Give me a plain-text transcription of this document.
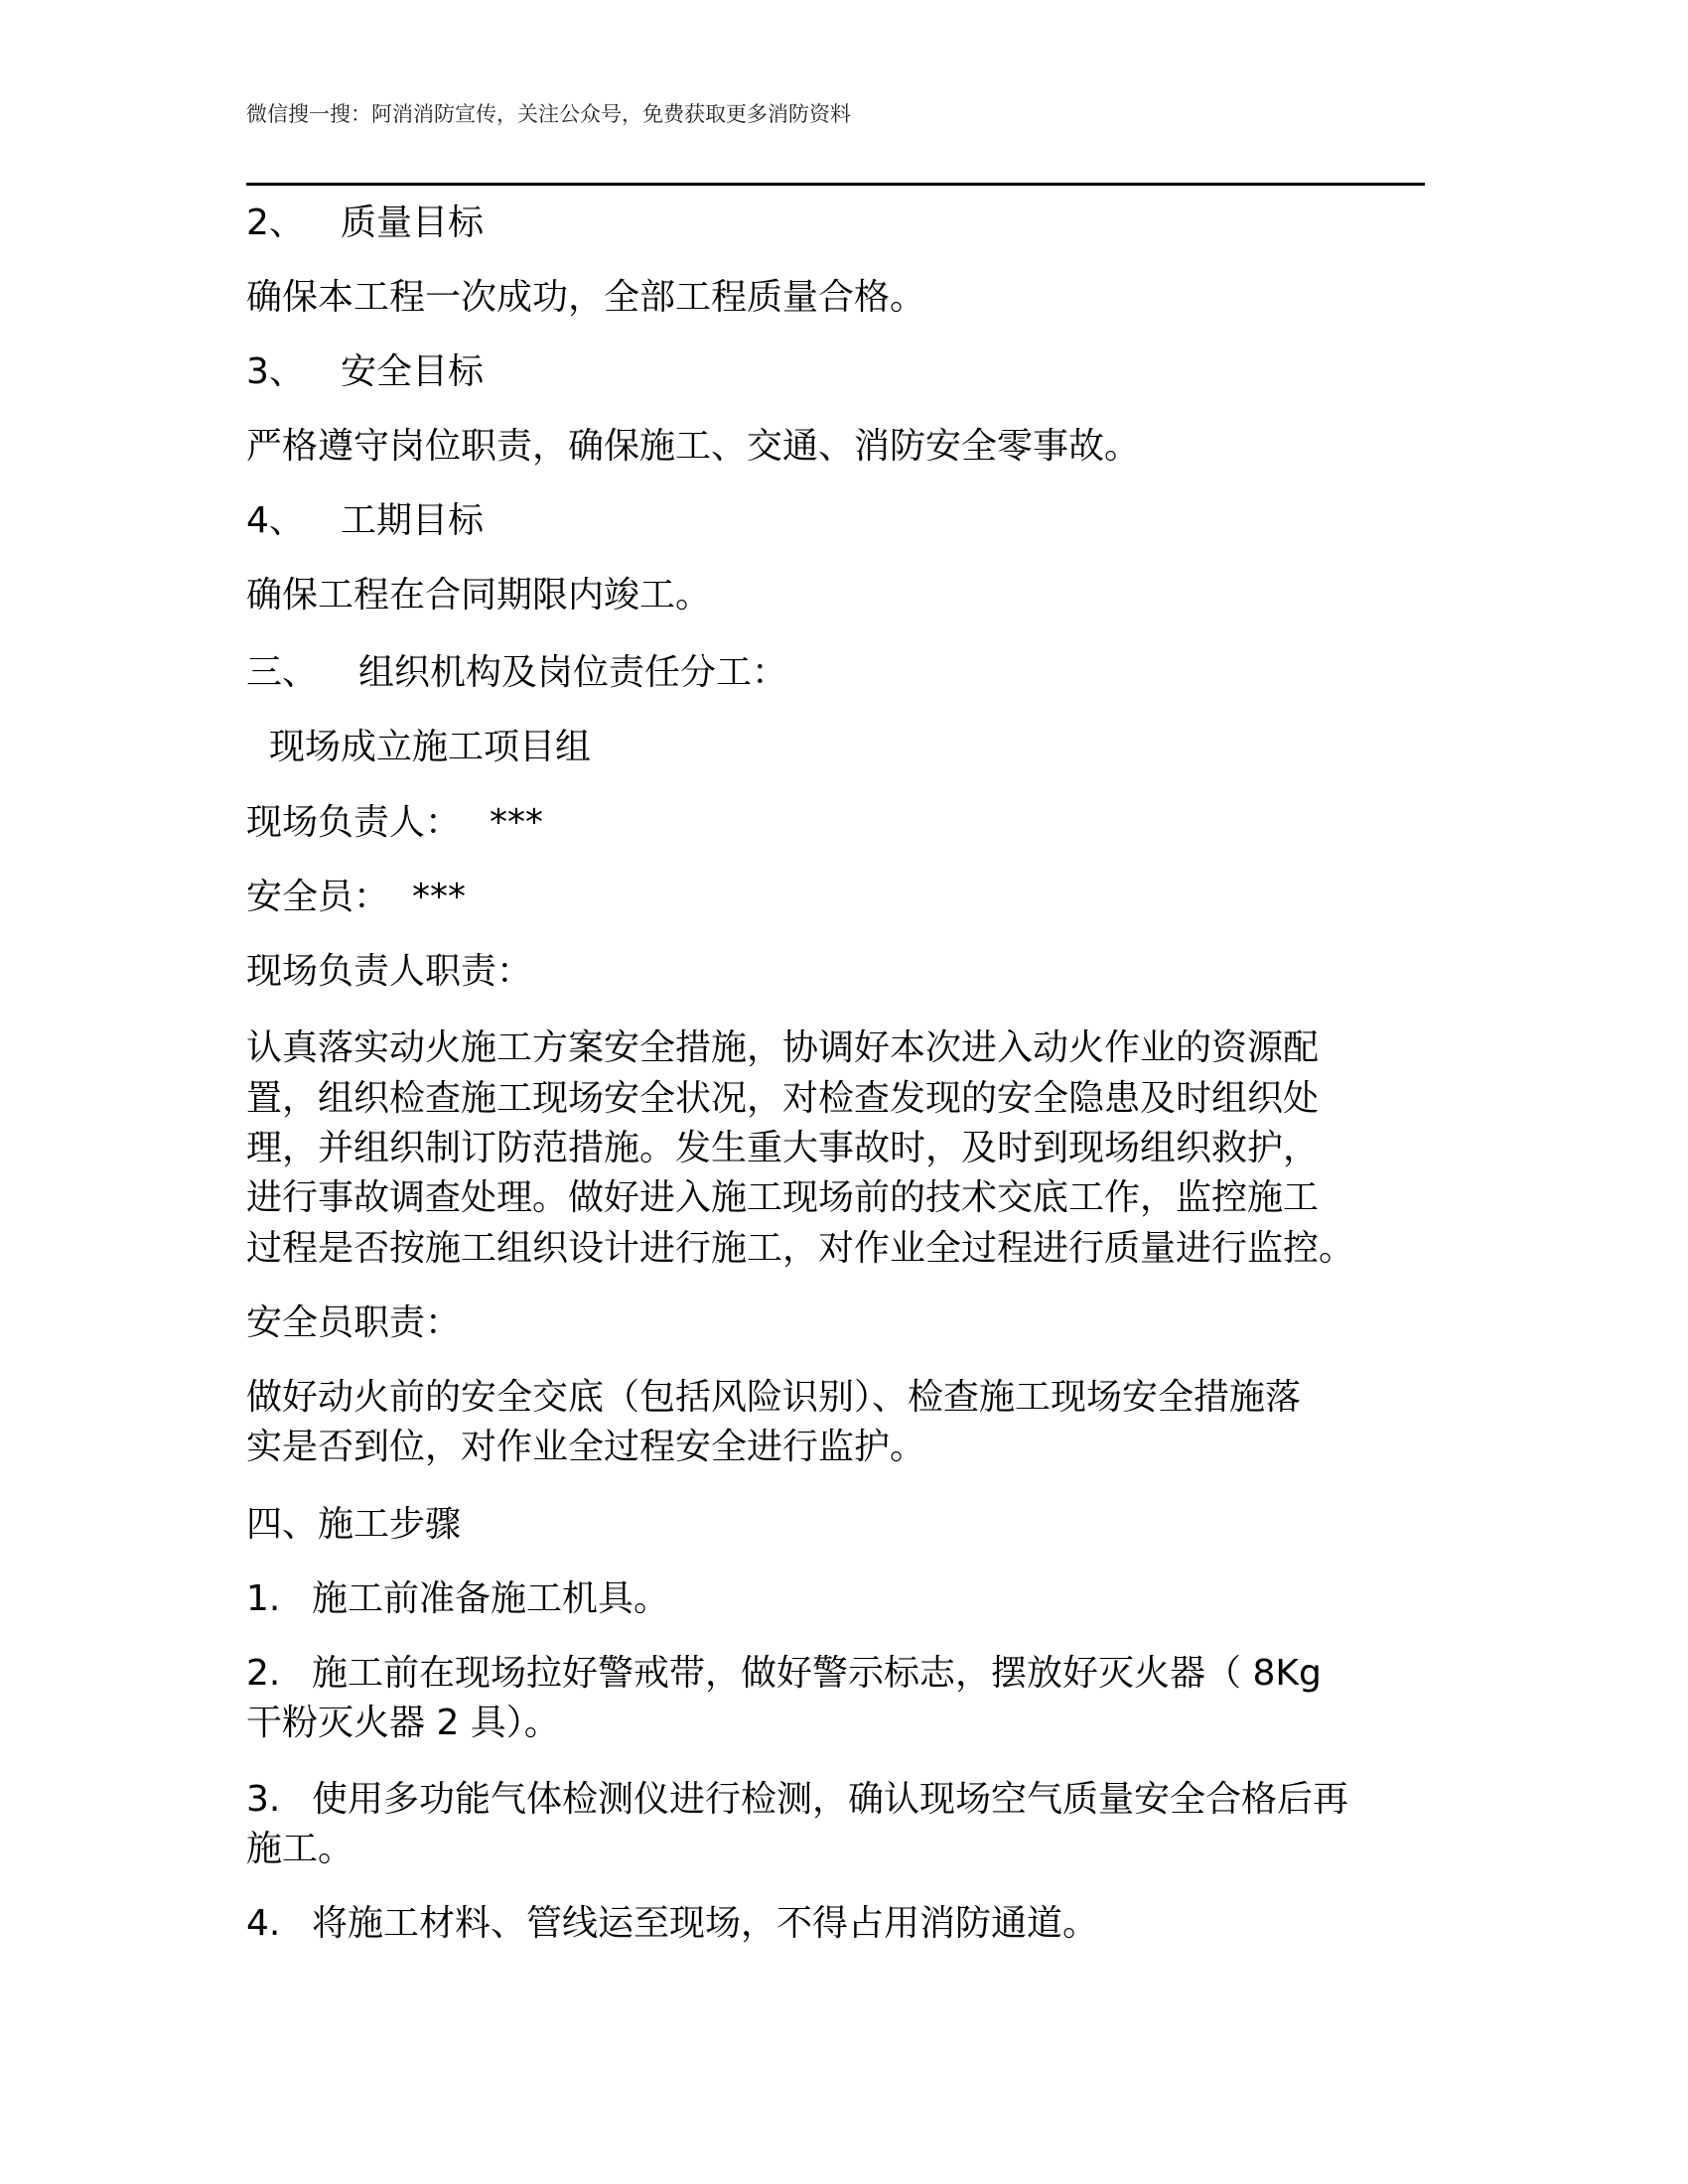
微信搜一搜：阿消消防宣传，关注公众号，免费获取更多消防资料
2、 质量目标
确保本工程一次成功，全部工程质量合格。
3、 安全目标
严格遵守岗位职责，确保施工、交通、消防安全零事故。
4、 工期目标
确保工程在合同期限内竣工。
三、 组织机构及岗位责任分工：
现场成立施工项目组
现场负责人： ***
安全员： ***
现场负责人职责：
认真落实动火施工方案安全措施，协调好本次进入动火作业的资源配
置，组织检查施工现场安全状况，对检查发现的安全隐患及时组织处
理，并组织制订防范措施。发生重大事故时，及时到现场组织救护，
进行事故调查处理。做好进入施工现场前的技术交底工作，监控施工
过程是否按施工组织设计进行施工，对作业全过程进行质量进行监控。
安全员职责：
做好动火前的安全交底（包括风险识别）、检查施工现场安全措施落
实是否到位，对作业全过程安全进行监护。
四、施工步骤
1. 施工前准备施工机具。
2. 施工前在现场拉好警戒带，做好警示标志，摆放好灭火器（ 8Kg
干粉灭火器 2 具）。
3. 使用多功能气体检测仪进行检测，确认现场空气质量安全合格后再
施工。
4. 将施工材料、管线运至现场，不得占用消防通道。
